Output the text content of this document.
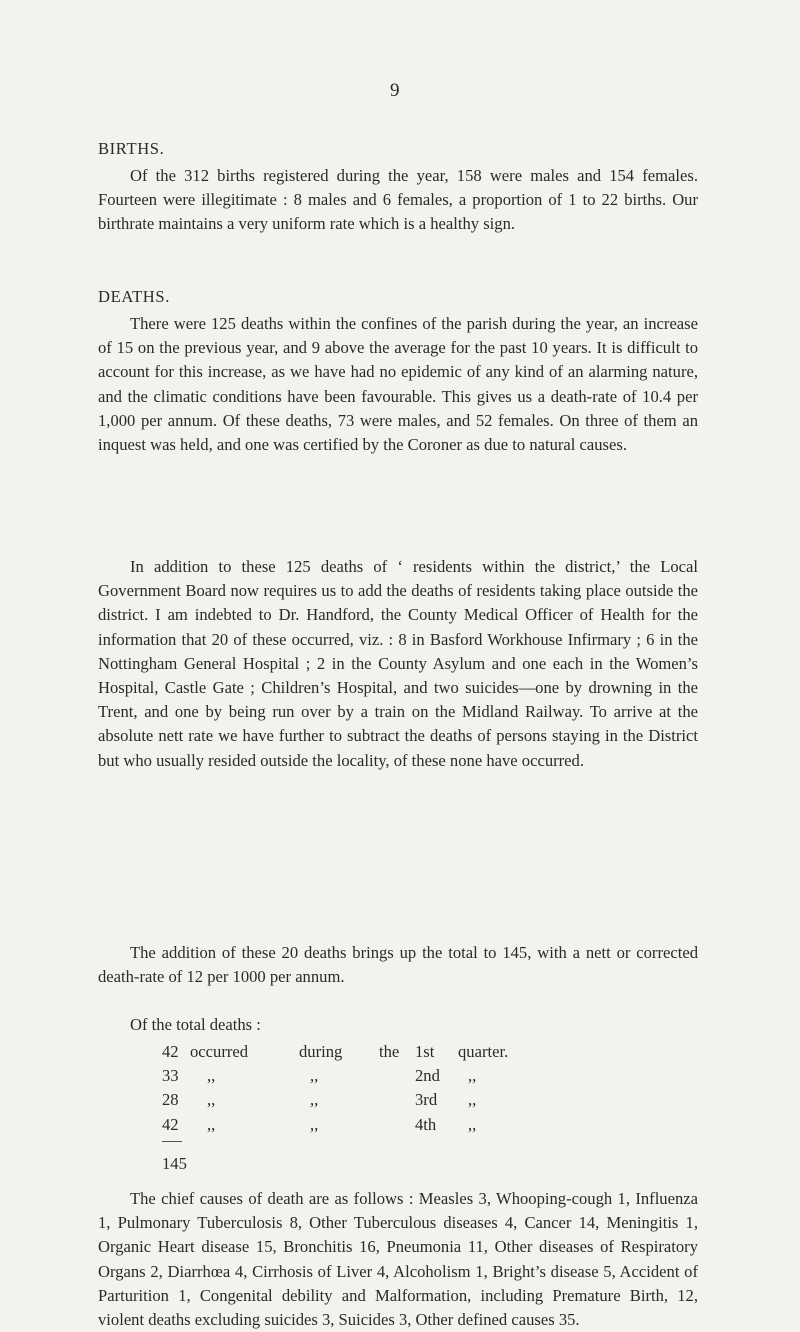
9
BIRTHS.

Of the 312 births registered during the year, 158 were males and 154 females. Fourteen were illegitimate : 8 males and 6 females, a proportion of 1 to 22 births. Our birthrate maintains a very uniform rate which is a healthy sign.

DEATHS.

There were 125 deaths within the confines of the parish during the year, an increase of 15 on the previous year, and 9 above the average for the past 10 years. It is difficult to account for this increase, as we have had no epidemic of any kind of an alarming nature, and the climatic conditions have been favourable. This gives us a death-rate of 10.4 per 1,000 per annum. Of these deaths, 73 were males, and 52 females. On three of them an inquest was held, and one was certified by the Coroner as due to natural causes.

In addition to these 125 deaths of ‘ residents within the district,’ the Local Government Board now requires us to add the deaths of residents taking place outside the district. I am indebted to Dr. Handford, the County Medical Officer of Health for the information that 20 of these occurred, viz. : 8 in Basford Workhouse Infirmary ; 6 in the Nottingham General Hospital ; 2 in the County Asylum and one each in the Women’s Hospital, Castle Gate ; Children’s Hospital, and two suicides—one by drowning in the Trent, and one by being run over by a train on the Midland Railway. To arrive at the absolute nett rate we have further to subtract the deaths of persons staying in the District but who usually resided outside the locality, of these none have occurred.

The addition of these 20 deaths brings up the total to 145, with a nett or corrected death-rate of 12 per 1000 per annum.

Of the total deaths :
42 occurred	during the 1st quarter.
33 ,,	,,	2nd ,,
28 ,,	,,	3rd ,,
42 ,,	,,	4th ,,
145

The chief causes of death are as follows : Measles 3, Whooping-cough 1, Influenza 1, Pulmonary Tuberculosis 8, Other Tuberculous diseases 4, Cancer 14, Meningitis 1, Organic Heart disease 15, Bronchitis 16, Pneumonia 11, Other diseases of Respiratory Organs 2, Diarrhœa 4, Cirrhosis of Liver 4, Alcoholism 1, Bright’s disease 5, Accident of Parturition 1, Congenital debility and Malformation, including Premature Birth, 12, violent deaths excluding suicides 3, Suicides 3, Other defined causes 35.
